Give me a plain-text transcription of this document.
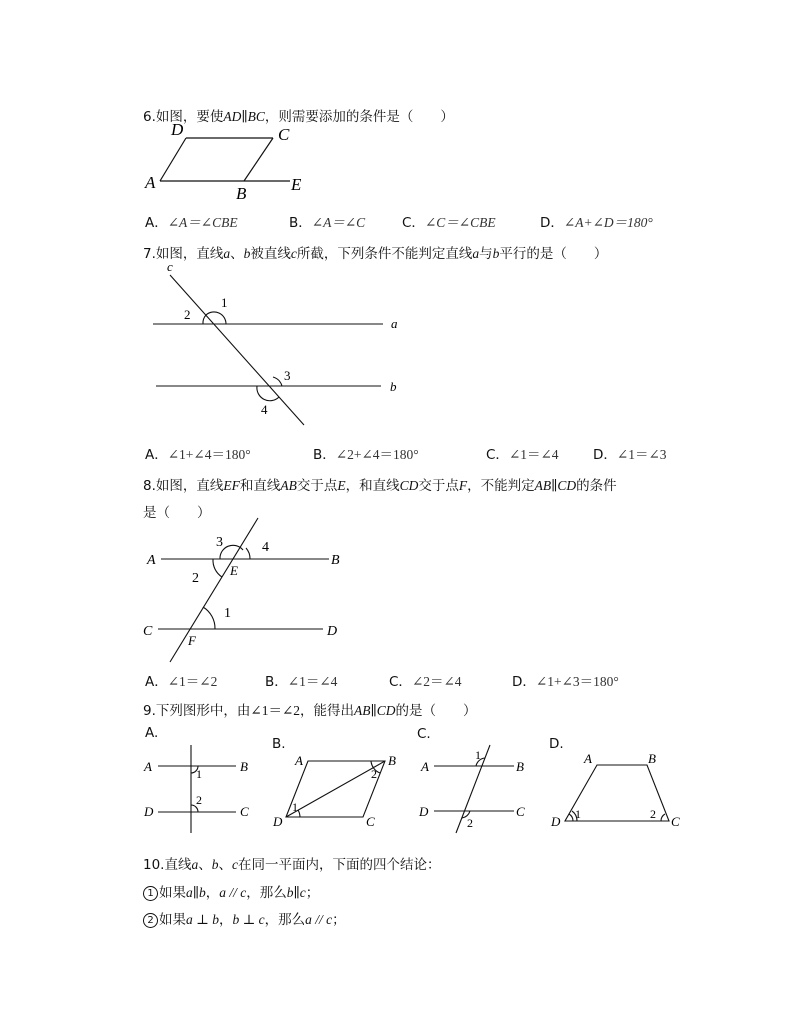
6.如图，要使AD∥BC，则需要添加的条件是（　　）
D	C
A
B	E
A．∠A＝∠CBE	B．∠A＝∠C	C．∠C＝∠CBE	D．∠A+∠D＝180°
7.如图，直线a、b被直线c所截，下列条件不能判定直线a与b平行的是（　　）
c
a
b
1
2
3
4
A．∠1+∠4＝180°	B．∠2+∠4＝180°	C．∠1＝∠4	D．∠1＝∠3
8.如图，直线EF和直线AB交于点E，和直线CD交于点F，不能判定AB∥CD的条件
是（　　）
A	B
C	D
E
F
1
2
3	4
A．∠1＝∠2	B．∠1＝∠4	C．∠2＝∠4	D．∠1+∠3＝180°
9.下列图形中，由∠1＝∠2，能得出AB∥CD的是（　　）
A.
B.
C.
D.
A	B
D	C
1
2
A	B
D	C
1
2	A	B
D	C
1
2
A	B
D	C
1	2
10.直线a、b、c在同一平面内，下面的四个结论：
1 如果a∥b，a // c，那么b∥c；
2 如果a ⊥ b，b ⊥ c，那么a // c；
